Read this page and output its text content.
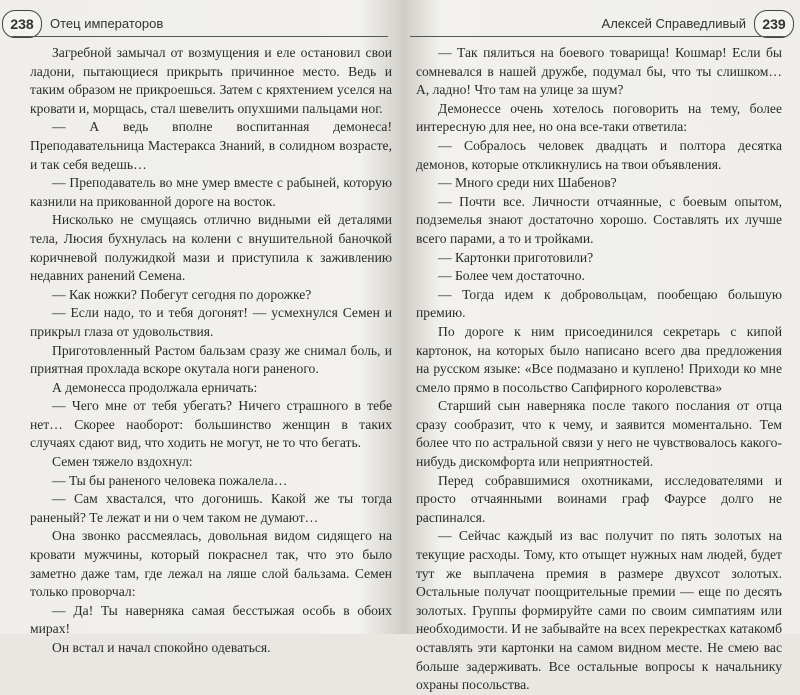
238	Отец императоров

Загребной замычал от возмущения и еле остановил свои ладони, пытающиеся прикрыть причинное место. Ведь и таким образом не прикроешься. Затем с кряхтением уселся на кровати и, морщась, стал шевелить опухшими пальцами ног.

— А ведь вполне воспитанная демонеса! Преподавательница Мастеракса Знаний, в солидном возрасте, и так себя ведешь…

— Преподаватель во мне умер вместе с рабыней, которую казнили на прикованной дороге на восток.

Нисколько не смущаясь отлично видными ей деталями тела, Люсия бухнулась на колени с внушительной баночкой коричневой полужидкой мази и приступила к заживлению недавних ранений Семена.

— Как ножки? Побегут сегодня по дорожке?

— Если надо, то и тебя догонят! — усмехнулся Семен и прикрыл глаза от удовольствия.

Приготовленный Растом бальзам сразу же снимал боль, и приятная прохлада вскоре окутала ноги раненого.

А демонесса продолжала ерничать:

— Чего мне от тебя убегать? Ничего страшного в тебе нет… Скорее наоборот: большинство женщин в таких случаях сдают вид, что ходить не могут, не то что бегать.

Семен тяжело вздохнул:

— Ты бы раненого человека пожалела…

— Сам хвастался, что догонишь. Какой же ты тогда раненый? Те лежат и ни о чем таком не думают…

Она звонко рассмеялась, довольная видом сидящего на кровати мужчины, который покраснел так, что это было заметно даже там, где лежал на ляше слой бальзама. Семен только проворчал:

— Да! Ты наверняка самая бесстыжая особь в обоих мирах!

Он встал и начал спокойно одеваться.

Алексей Справедливый	239

— Так пялиться на боевого товарища! Кошмар! Если бы сомневался в нашей дружбе, подумал бы, что ты слишком… А, ладно! Что там на улице за шум?

Демонессе очень хотелось поговорить на тему, более интересную для нее, но она все-таки ответила:

— Собралось человек двадцать и полтора десятка демонов, которые откликнулись на твои объявления.

— Много среди них Шабенов?

— Почти все. Личности отчаянные, с боевым опытом, подземелья знают достаточно хорошо. Составлять их лучше всего парами, а то и тройками.

— Картонки приготовили?

— Более чем достаточно.

— Тогда идем к добровольцам, пообещаю большую премию.

По дороге к ним присоединился секретарь с кипой картонок, на которых было написано всего два предложения на русском языке: «Все подмазано и куплено! Приходи ко мне смело прямо в посольство Сапфирного королевства»

Старший сын наверняка после такого послания от отца сразу сообразит, что к чему, и заявится моментально. Тем более что по астральной связи у него не чувствовалось какого-нибудь дискомфорта или неприятностей.

Перед собравшимися охотниками, исследователями и просто отчаянными воинами граф Фаурсе долго не распинался.

— Сейчас каждый из вас получит по пять золотых на текущие расходы. Тому, кто отыщет нужных нам людей, будет тут же выплачена премия в размере двухсот золотых. Остальные получат поощрительные премии — еще по десять золотых. Группы формируйте сами по своим симпатиям или необходимости. И не забывайте на всех перекрестках катакомб оставлять эти картонки на самом видном месте. Не смею вас больше задерживать. Все остальные вопросы к начальнику охраны посольства.
